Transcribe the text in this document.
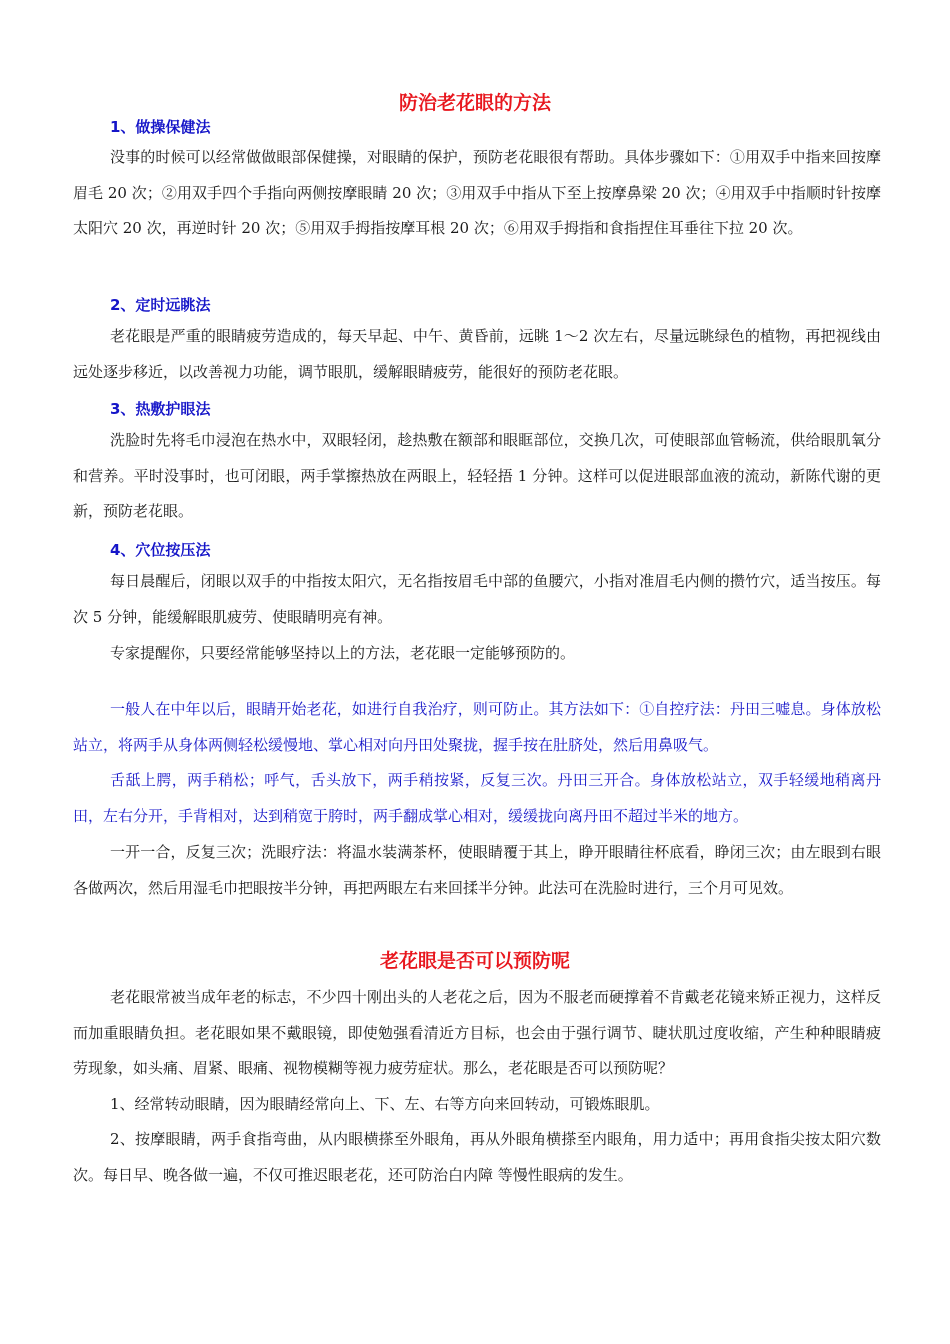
防治老花眼的方法
1、做操保健法
没事的时候可以经常做做眼部保健操，对眼睛的保护，预防老花眼很有帮助。具体步骤如下：①用双手中指来回按摩眉毛 20 次；②用双手四个手指向两侧按摩眼睛 20 次；③用双手中指从下至上按摩鼻梁 20 次；④用双手中指顺时针按摩太阳穴 20 次，再逆时针 20 次；⑤用双手拇指按摩耳根 20 次；⑥用双手拇指和食指捏住耳垂往下拉 20 次。
2、定时远眺法
老花眼是严重的眼睛疲劳造成的，每天早起、中午、黄昏前，远眺 1～2 次左右，尽量远眺绿色的植物，再把视线由远处逐步移近，以改善视力功能，调节眼肌，缓解眼睛疲劳，能很好的预防老花眼。
3、热敷护眼法
洗脸时先将毛巾浸泡在热水中，双眼轻闭，趁热敷在额部和眼眶部位，交换几次，可使眼部血管畅流，供给眼肌氧分和营养。平时没事时，也可闭眼，两手掌擦热放在两眼上，轻轻捂 1 分钟。这样可以促进眼部血液的流动，新陈代谢的更新，预防老花眼。
4、穴位按压法
每日晨醒后，闭眼以双手的中指按太阳穴，无名指按眉毛中部的鱼腰穴，小指对准眉毛内侧的攒竹穴，适当按压。每次 5 分钟，能缓解眼肌疲劳、使眼睛明亮有神。
专家提醒你，只要经常能够坚持以上的方法，老花眼一定能够预防的。
一般人在中年以后，眼睛开始老花，如进行自我治疗，则可防止。其方法如下：①自控疗法：丹田三嘘息。身体放松站立，将两手从身体两侧轻松缓慢地、掌心相对向丹田处聚拢，握手按在肚脐处，然后用鼻吸气。
舌舐上腭，两手稍松；呼气，舌头放下，两手稍按紧，反复三次。丹田三开合。身体放松站立，双手轻缓地稍离丹田，左右分开，手背相对，达到稍宽于胯时，两手翻成掌心相对，缓缓拢向离丹田不超过半米的地方。
一开一合，反复三次；洗眼疗法：将温水装满茶杯，使眼睛覆于其上，睁开眼睛往杯底看，睁闭三次；由左眼到右眼各做两次，然后用湿毛巾把眼按半分钟，再把两眼左右来回揉半分钟。此法可在洗脸时进行，三个月可见效。
老花眼是否可以预防呢
老花眼常被当成年老的标志，不少四十刚出头的人老花之后，因为不服老而硬撑着不肯戴老花镜来矫正视力，这样反而加重眼睛负担。老花眼如果不戴眼镜，即使勉强看清近方目标，也会由于强行调节、睫状肌过度收缩，产生种种眼睛疲劳现象，如头痛、眉紧、眼痛、视物模糊等视力疲劳症状。那么，老花眼是否可以预防呢？
1、经常转动眼睛，因为眼睛经常向上、下、左、右等方向来回转动，可锻炼眼肌。
2、按摩眼睛，两手食指弯曲，从内眼横搽至外眼角，再从外眼角横搽至内眼角，用力适中；再用食指尖按太阳穴数次。每日早、晚各做一遍，不仅可推迟眼老花，还可防治白内障 等慢性眼病的发生。
